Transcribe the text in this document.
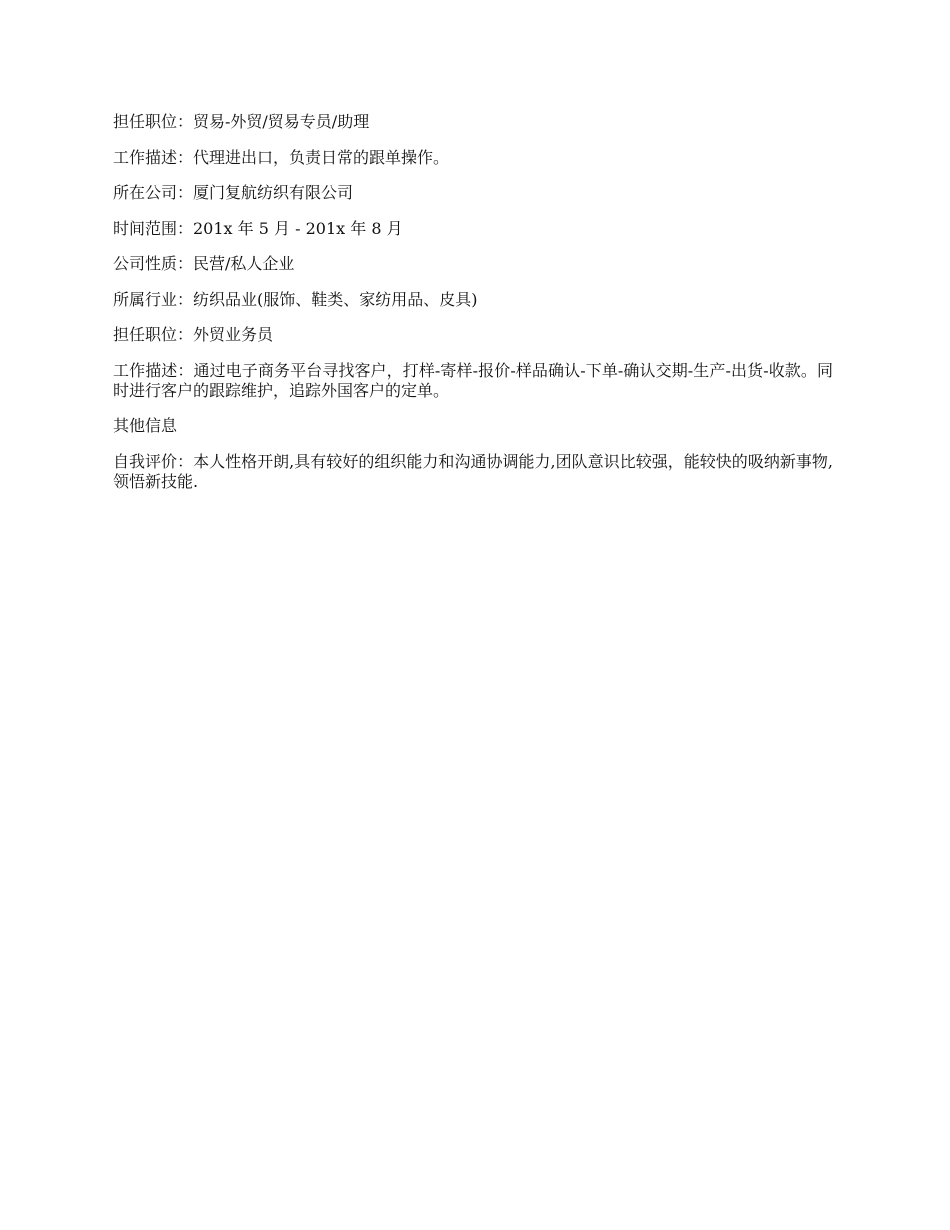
担任职位：贸易-外贸/贸易专员/助理

工作描述：代理进出口，负责日常的跟单操作。

所在公司：厦门复航纺织有限公司

时间范围：201x 年 5 月 - 201x 年 8 月

公司性质：民营/私人企业

所属行业：纺织品业(服饰、鞋类、家纺用品、皮具)

担任职位：外贸业务员

工作描述：通过电子商务平台寻找客户，打样-寄样-报价-样品确认-下单-确认交期-生产-出货-收款。同时进行客户的跟踪维护，追踪外国客户的定单。

其他信息

自我评价：本人性格开朗,具有较好的组织能力和沟通协调能力,团队意识比较强，能较快的吸纳新事物,领悟新技能.
